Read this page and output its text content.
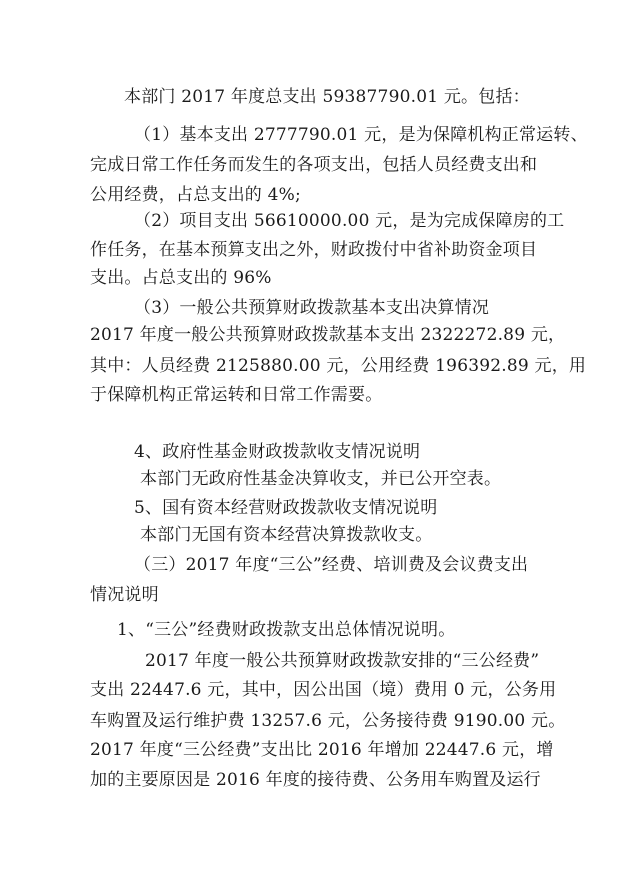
本部门 2017 年度总支出 59387790.01 元。包括：
（1）基本支出 2777790.01 元，是为保障机构正常运转、
完成日常工作任务而发生的各项支出，包括人员经费支出和
公用经费，占总支出的 4%;
（2）项目支出 56610000.00 元，是为完成保障房的工
作任务，在基本预算支出之外，财政拨付中省补助资金项目
支出。占总支出的 96%
（3）一般公共预算财政拨款基本支出决算情况
2017 年度一般公共预算财政拨款基本支出 2322272.89 元，
其中：人员经费 2125880.00 元，公用经费 196392.89 元，用
于保障机构正常运转和日常工作需要。
4、政府性基金财政拨款收支情况说明
本部门无政府性基金决算收支，并已公开空表。
5、国有资本经营财政拨款收支情况说明
本部门无国有资本经营决算拨款收支。
（三）2017 年度“三公”经费、培训费及会议费支出
情况说明
1、“三公”经费财政拨款支出总体情况说明。
2017 年度一般公共预算财政拨款安排的“三公经费”
支出 22447.6 元，其中，因公出国（境）费用 0 元，公务用
车购置及运行维护费 13257.6 元，公务接待费 9190.00 元。
2017 年度“三公经费”支出比 2016 年增加 22447.6 元，增
加的主要原因是 2016 年度的接待费、公务用车购置及运行
